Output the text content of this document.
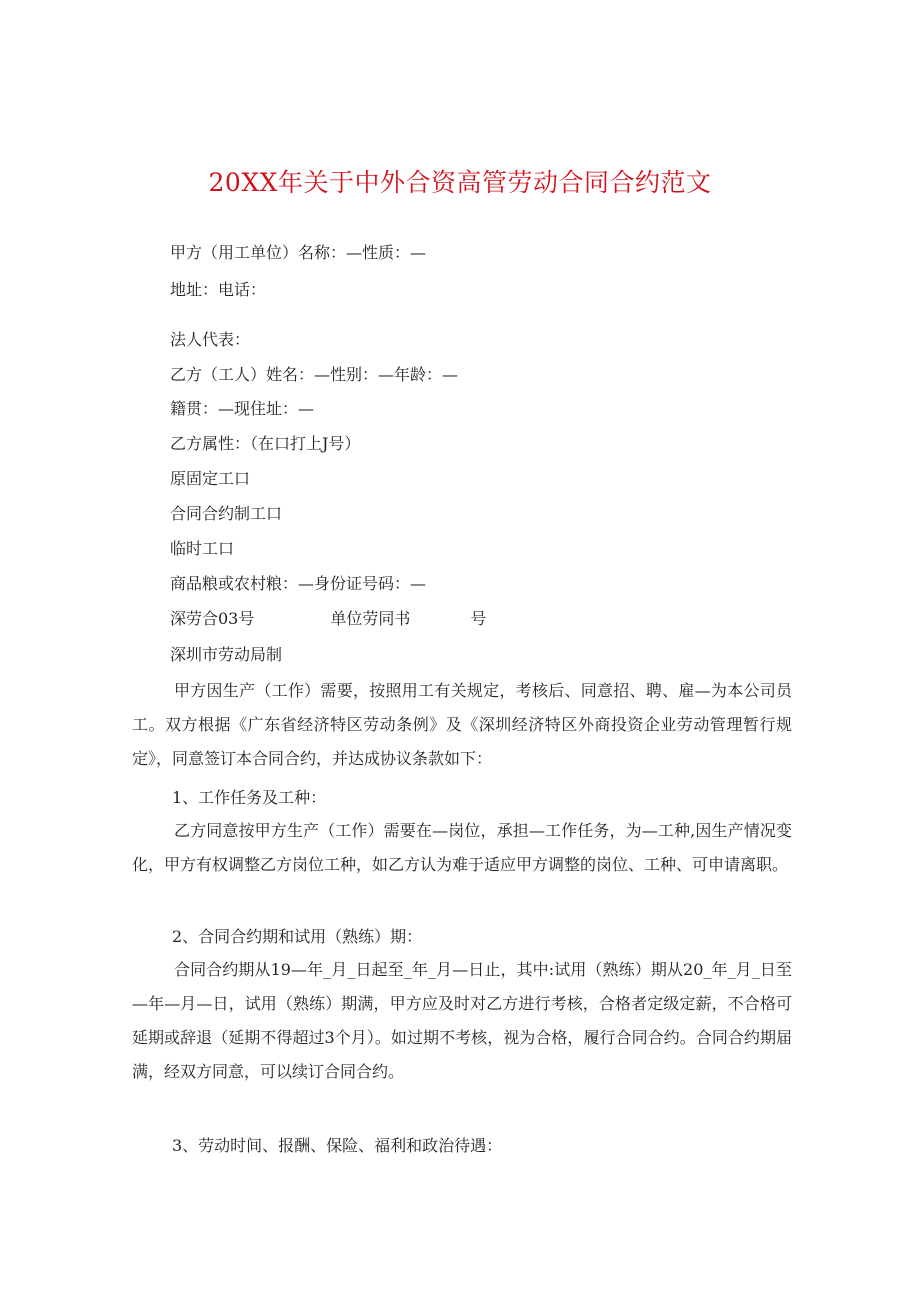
20XX年关于中外合资高管劳动合同合约范文
甲方（用工单位）名称：—性质：—
地址：电话：
法人代表：
乙方（工人）姓名：—性别：—年龄：—
籍贯：—现住址：—
乙方属性：（在口打上J号）
原固定工口
合同合约制工口
临时工口
商品粮或农村粮：—身份证号码：—
深劳合03号	单位劳同书	号
深圳市劳动局制

甲方因生产（工作）需要，按照用工有关规定，考核后、同意招、聘、雇—为本公司员工。双方根据《广东省经济特区劳动条例》及《深圳经济特区外商投资企业劳动管理暂行规定》，同意签订本合同合约，并达成协议条款如下：

1、工作任务及工种：

乙方同意按甲方生产（工作）需要在—岗位，承担—工作任务，为—工种,因生产情况变化，甲方有权调整乙方岗位工种，如乙方认为难于适应甲方调整的岗位、工种、可申请离职。

2、合同合约期和试用（熟练）期：

合同合约期从19—年_月_日起至_年_月—日止，其中:试用（熟练）期从20_年_月_日至—年—月—日，试用（熟练）期满，甲方应及时对乙方进行考核，合格者定级定薪，不合格可延期或辞退（延期不得超过3个月）。如过期不考核，视为合格，履行合同合约。合同合约期届满，经双方同意，可以续订合同合约。

3、劳动时间、报酬、保险、福利和政治待遇：
